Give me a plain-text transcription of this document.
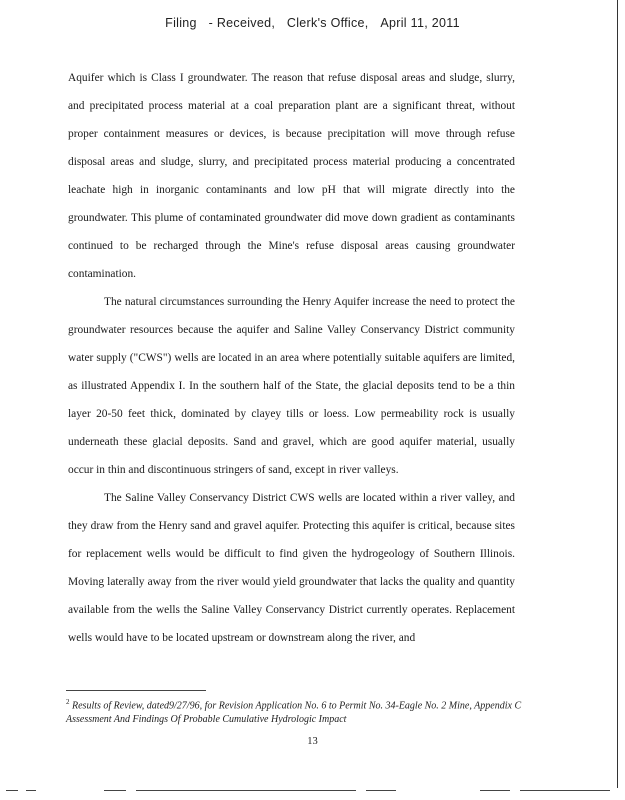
Filing - Received, Clerk's Office, April 11, 2011

Aquifer which is Class I groundwater. The reason that refuse disposal areas and sludge, slurry, and precipitated process material at a coal preparation plant are a significant threat, without proper containment measures or devices, is because precipitation will move through refuse disposal areas and sludge, slurry, and precipitated process material producing a concentrated leachate high in inorganic contaminants and low pH that will migrate directly into the groundwater. This plume of contaminated groundwater did move down gradient as contaminants continued to be recharged through the Mine's refuse disposal areas causing groundwater contamination.

The natural circumstances surrounding the Henry Aquifer increase the need to protect the groundwater resources because the aquifer and Saline Valley Conservancy District community water supply ("CWS") wells are located in an area where potentially suitable aquifers are limited, as illustrated Appendix I. In the southern half of the State, the glacial deposits tend to be a thin layer 20-50 feet thick, dominated by clayey tills or loess. Low permeability rock is usually underneath these glacial deposits. Sand and gravel, which are good aquifer material, usually occur in thin and discontinuous stringers of sand, except in river valleys.

The Saline Valley Conservancy District CWS wells are located within a river valley, and they draw from the Henry sand and gravel aquifer. Protecting this aquifer is critical, because sites for replacement wells would be difficult to find given the hydrogeology of Southern Illinois. Moving laterally away from the river would yield groundwater that lacks the quality and quantity available from the wells the Saline Valley Conservancy District currently operates. Replacement wells would have to be located upstream or downstream along the river, and

$^2$ Results of Review, dated9/27/96, for Revision Application No. 6 to Permit No. 34-Eagle No. 2 Mine, Appendix C Assessment And Findings Of Probable Cumulative Hydrologic Impact
13
